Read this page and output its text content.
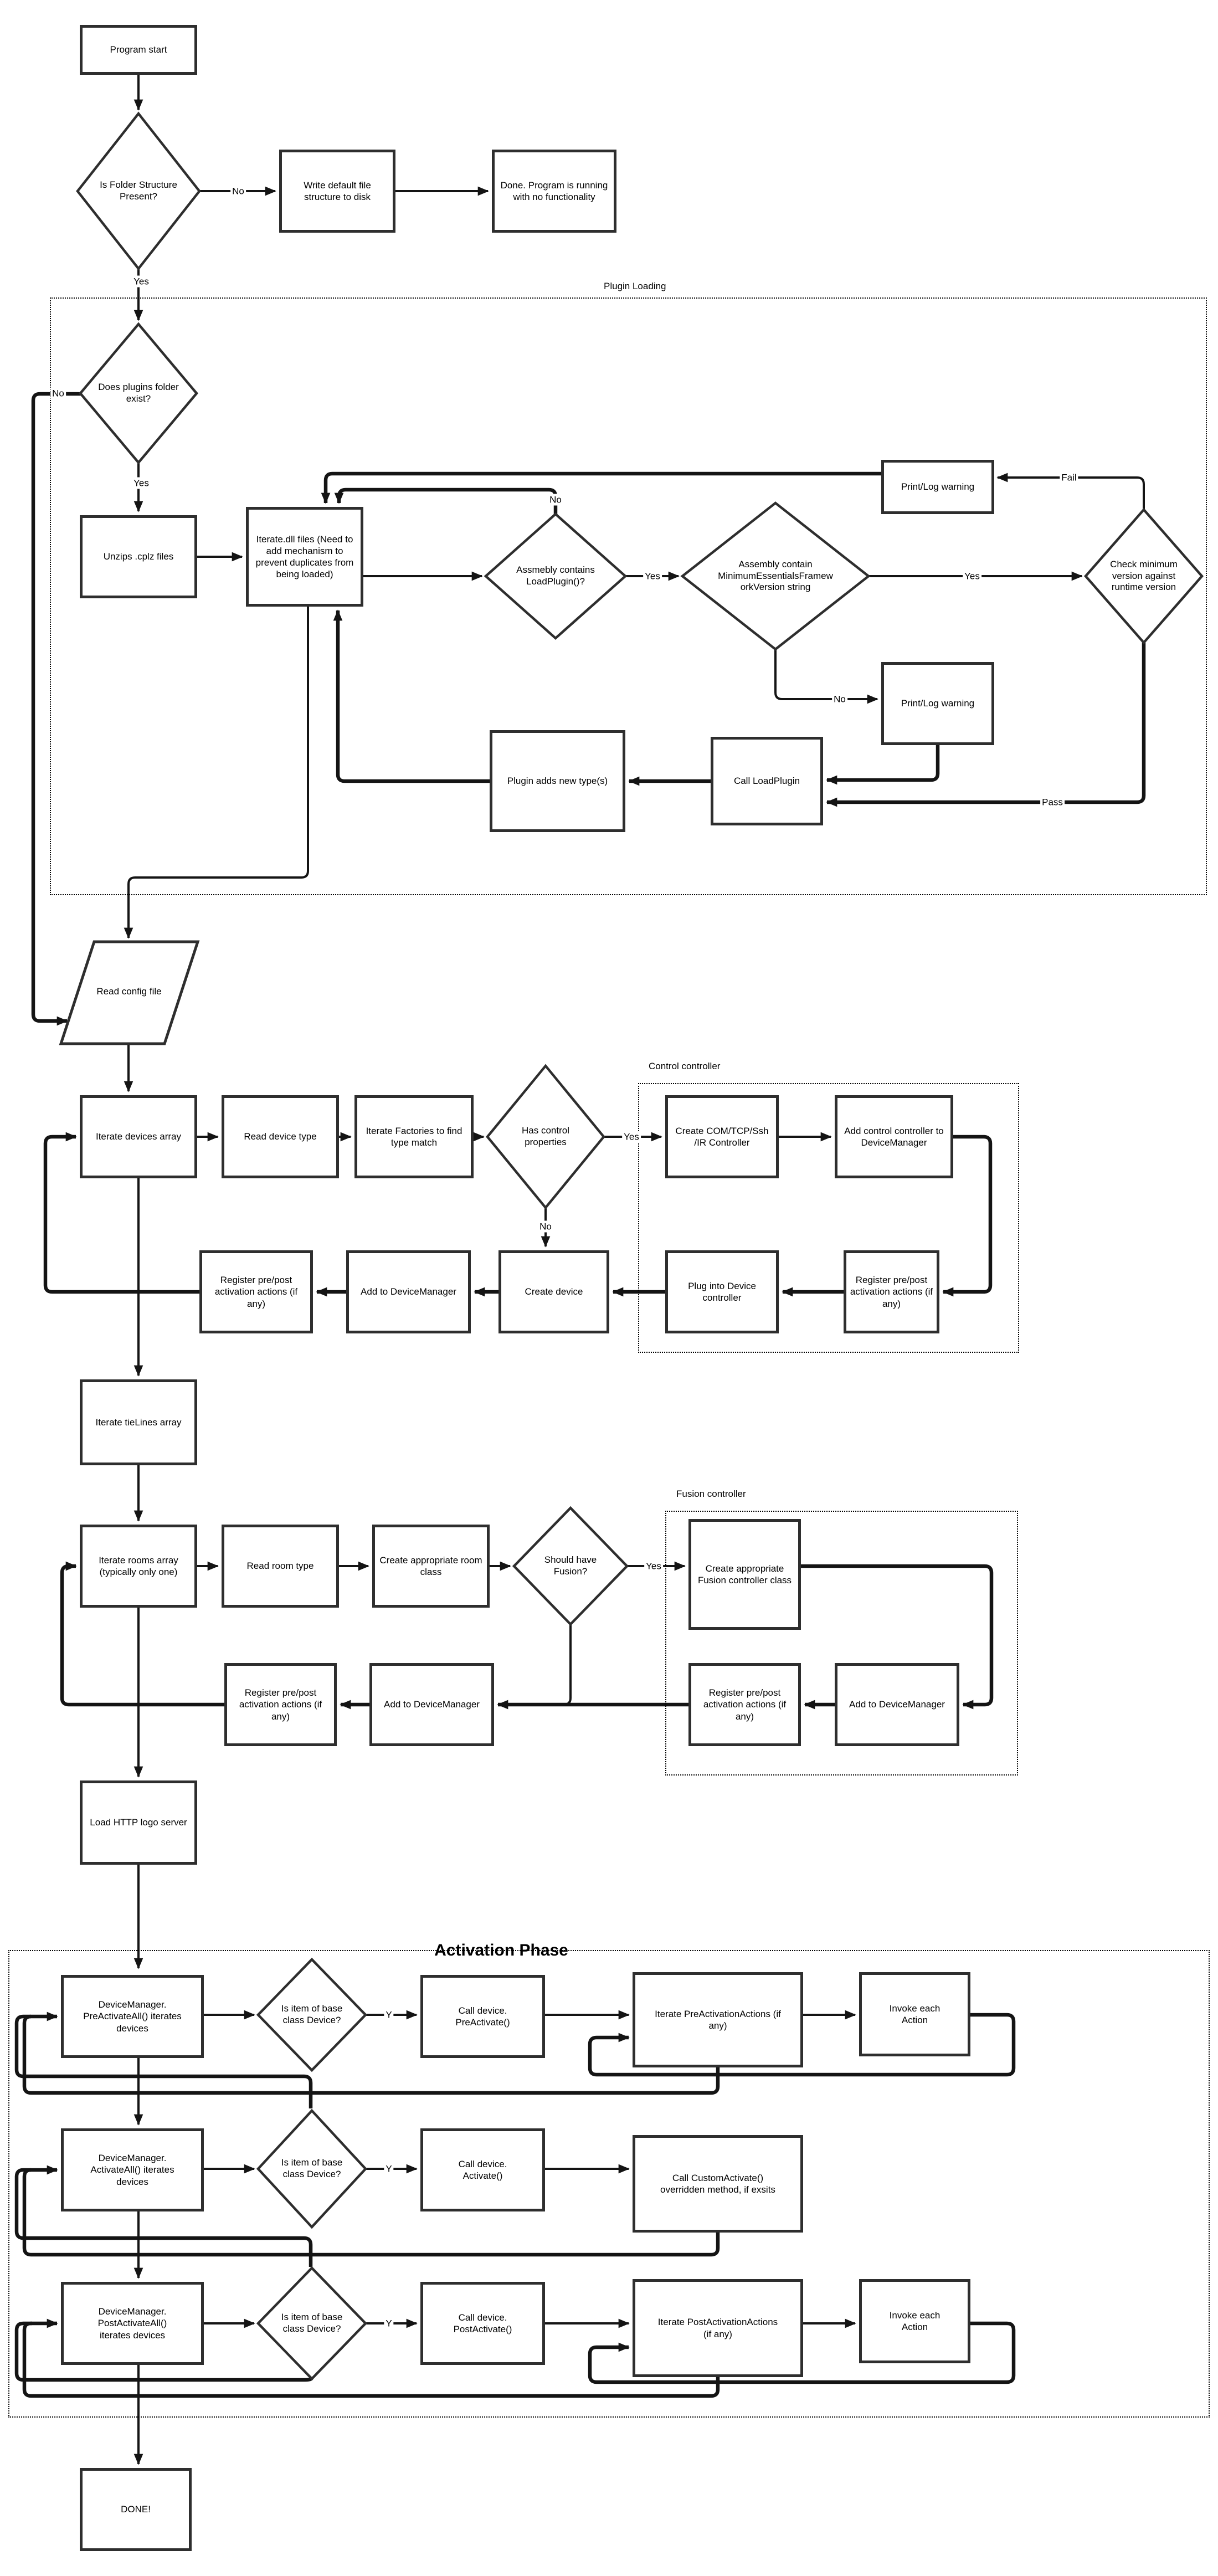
Plugin Loading
Control controller
Fusion controller
Activation Phase
Program start
Write default file structure to disk
Done. Program is running with no functionality
Unzips .cplz files
Iterate.dll files (Need to add mechanism to prevent duplicates from being loaded)
Print/Log warning
Print/Log warning
Call LoadPlugin
Plugin adds new type(s)
Read config file
Iterate devices array	Read device type
Iterate Factories to find type match
Create COM/TCP/Ssh /IR Controller
Add control controller to DeviceManager
Register pre/post activation actions (if any)
Plug into Device controller
Create device
Add to DeviceManager
Register pre/post activation actions (if any)
Iterate tieLines array
Iterate rooms array (typically only one)
Read room type
Create appropriate room class	Create appropriate Fusion controller class
Add to DeviceManager
Register pre/post activation actions (if any)
Add to DeviceManager
Register pre/post activation actions (if any)
Load HTTP logo server
DeviceManager. PreActivateAll() iterates devices
Call device. PreActivate()
Iterate PreActivationActions (if any)
Invoke each Action
DeviceManager. ActivateAll() iterates devices
Call device. Activate()	Call CustomActivate() overridden method, if exsits
DeviceManager. PostActivateAll() iterates devices
Call device. PostActivate()
Iterate PostActivationActions (if any)
Invoke each Action
DONE!
Is Folder Structure Present?
Does plugins folder exist?
Assmebly contains LoadPlugin()?
Assembly contain MinimumEssentialsFrameworkVersion string
Check minimum version against runtime version
Has control properties
Should have Fusion?
Is item of base class Device?
Is item of base class Device?
Is item of base class Device?
No
Yes
No
Yes
No
Yes	Yes
Fail
No
Pass
Yes
No
Yes
Y
Y
Y
